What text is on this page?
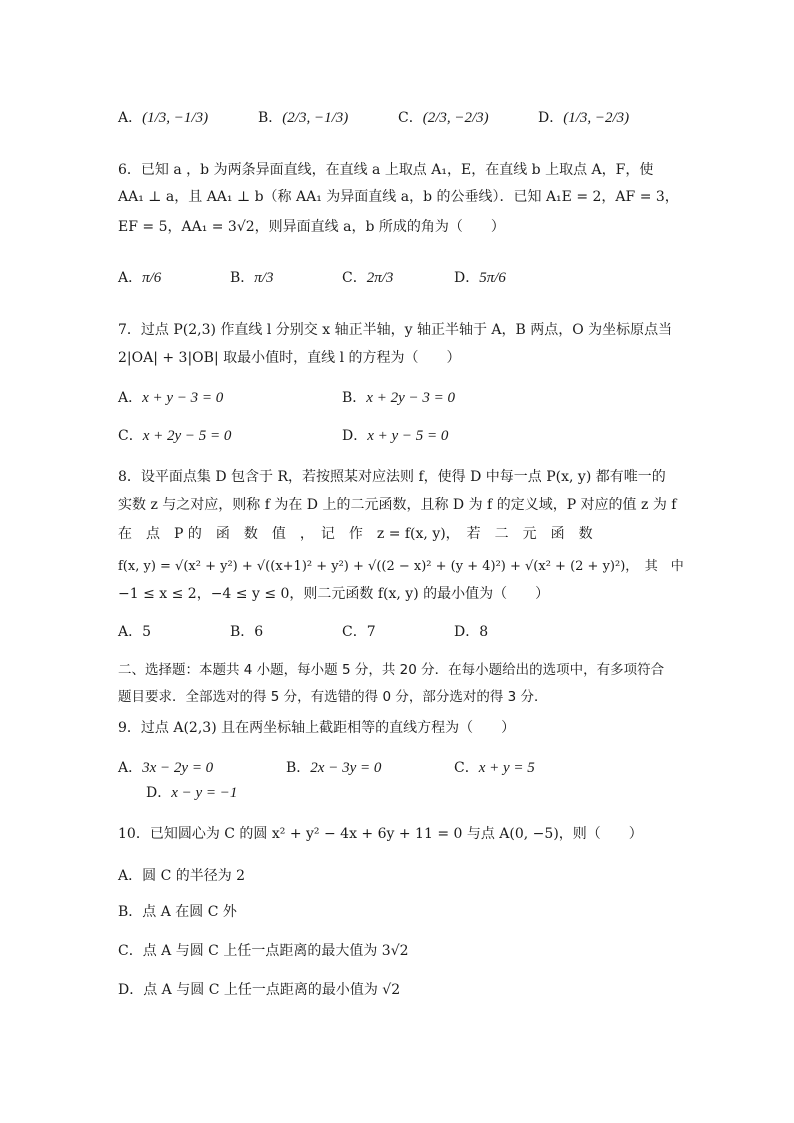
A．(1/3, −1/3)	B．(2/3, −1/3)	C．(2/3, −2/3)	D．(1/3, −2/3)
6．已知 a ，b 为两条异面直线，在直线 a 上取点 A₁，E，在直线 b 上取点 A，F，使
AA₁ ⊥ a，且 AA₁ ⊥ b（称 AA₁ 为异面直线 a，b 的公垂线）．已知 A₁E = 2，AF = 3，
EF = 5，AA₁ = 3√2，则异面直线 a，b 所成的角为（　　）
A．π/6	B．π/3	C．2π/3	D．5π/6
7．过点 P(2,3) 作直线 l 分别交 x 轴正半轴，y 轴正半轴于 A，B 两点，O 为坐标原点当
2|OA| + 3|OB| 取最小值时，直线 l 的方程为（　　）
A．x + y − 3 = 0	B．x + 2y − 3 = 0
C．x + 2y − 5 = 0	D．x + y − 5 = 0
8．设平面点集 D 包含于 R，若按照某对应法则 f，使得 D 中每一点 P(x, y) 都有唯一的
实数 z 与之对应，则称 f 为在 D 上的二元函数，且称 D 为 f 的定义域，P 对应的值 z 为 f
在　点　P 的　函　数　值　，　记　作　z = f(x, y)，　若　二　元　函　数
f(x, y) = √(x² + y²) + √((x+1)² + y²) + √((2 − x)² + (y + 4)²) + √(x² + (2 + y)²)，　其　中
−1 ≤ x ≤ 2，−4 ≤ y ≤ 0，则二元函数 f(x, y) 的最小值为（　　）
A．5	B．6	C．7	D．8
二、选择题：本题共 4 小题，每小题 5 分，共 20 分．在每小题给出的选项中，有多项符合
题目要求．全部选对的得 5 分，有选错的得 0 分，部分选对的得 3 分．
9．过点 A(2,3) 且在两坐标轴上截距相等的直线方程为（　　）
A．3x − 2y = 0	B．2x − 3y = 0	C．x + y = 5
D．x − y = −1
10．已知圆心为 C 的圆 x² + y² − 4x + 6y + 11 = 0 与点 A(0, −5)，则（　　）
A．圆 C 的半径为 2
B．点 A 在圆 C 外
C．点 A 与圆 C 上任一点距离的最大值为 3√2
D．点 A 与圆 C 上任一点距离的最小值为 √2
